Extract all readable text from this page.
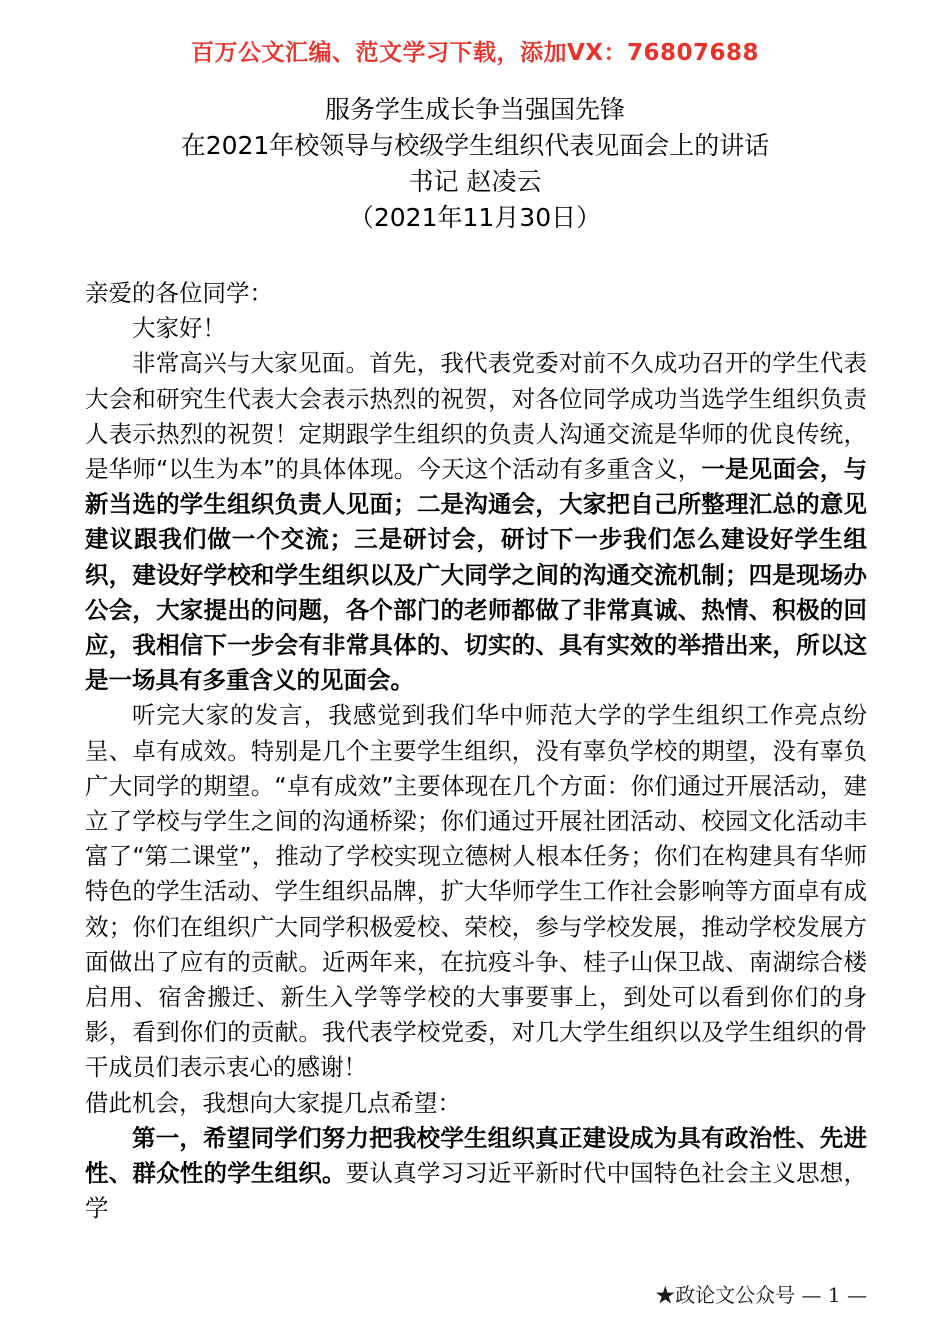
百万公文汇编、范文学习下载，添加VX：76807688
服务学生成长争当强国先锋
在2021年校领导与校级学生组织代表见面会上的讲话
书记 赵凌云
（2021年11月30日）

亲爱的各位同学：

大家好！

非常高兴与大家见面。首先，我代表党委对前不久成功召开的学生代表大会和研究生代表大会表示热烈的祝贺，对各位同学成功当选学生组织负责人表示热烈的祝贺！定期跟学生组织的负责人沟通交流是华师的优良传统，是华师“以生为本”的具体体现。今天这个活动有多重含义，一是见面会，与新当选的学生组织负责人见面；二是沟通会，大家把自己所整理汇总的意见建议跟我们做一个交流；三是研讨会，研讨下一步我们怎么建设好学生组织，建设好学校和学生组织以及广大同学之间的沟通交流机制；四是现场办公会，大家提出的问题，各个部门的老师都做了非常真诚、热情、积极的回应，我相信下一步会有非常具体的、切实的、具有实效的举措出来，所以这是一场具有多重含义的见面会。

听完大家的发言，我感觉到我们华中师范大学的学生组织工作亮点纷呈、卓有成效。特别是几个主要学生组织，没有辜负学校的期望，没有辜负广大同学的期望。“卓有成效”主要体现在几个方面：你们通过开展活动，建立了学校与学生之间的沟通桥梁；你们通过开展社团活动、校园文化活动丰富了“第二课堂”，推动了学校实现立德树人根本任务；你们在构建具有华师特色的学生活动、学生组织品牌，扩大华师学生工作社会影响等方面卓有成效；你们在组织广大同学积极爱校、荣校，参与学校发展，推动学校发展方面做出了应有的贡献。近两年来，在抗疫斗争、桂子山保卫战、南湖综合楼启用、宿舍搬迁、新生入学等学校的大事要事上，到处可以看到你们的身影，看到你们的贡献。我代表学校党委，对几大学生组织以及学生组织的骨干成员们表示衷心的感谢！

借此机会，我想向大家提几点希望：

第一，希望同学们努力把我校学生组织真正建设成为具有政治性、先进性、群众性的学生组织。要认真学习习近平新时代中国特色社会主义思想，学

★政论文公众号 — 1 —
